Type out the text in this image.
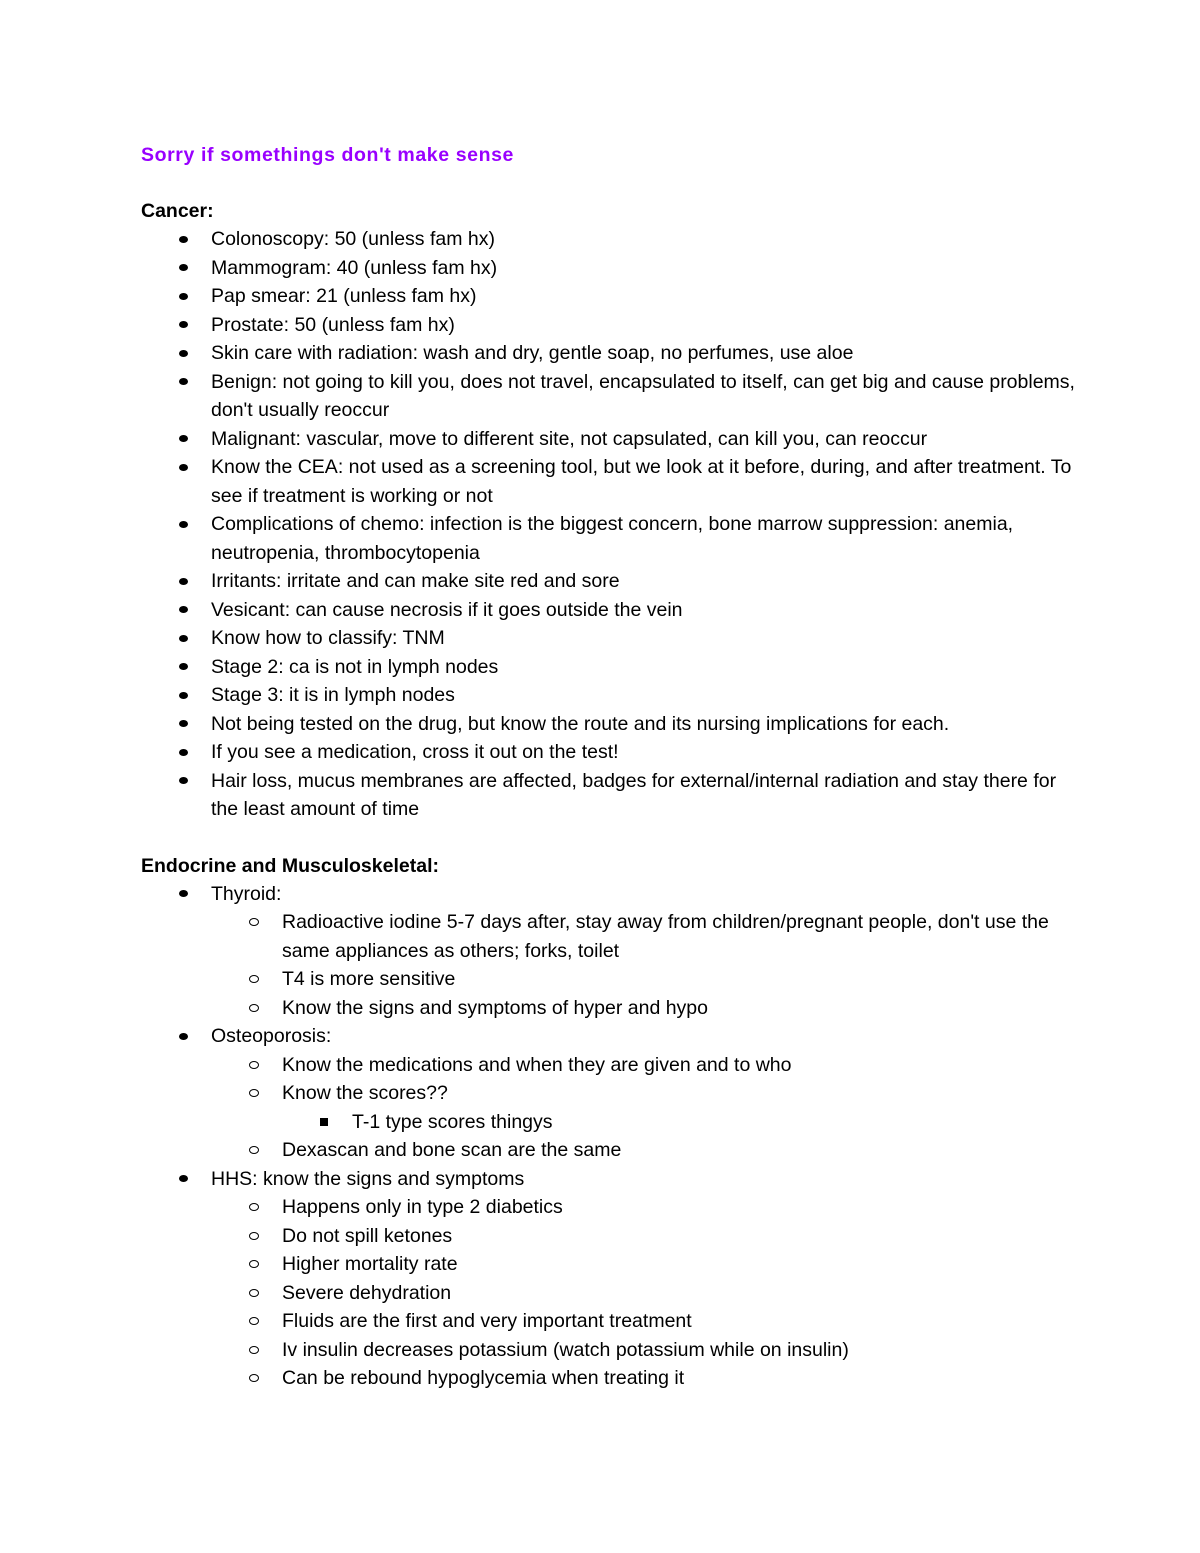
Sorry if somethings don't make sense

Cancer:

Colonoscopy: 50 (unless fam hx)
Mammogram: 40 (unless fam hx)
Pap smear: 21 (unless fam hx)
Prostate: 50 (unless fam hx)
Skin care with radiation: wash and dry, gentle soap, no perfumes, use aloe
Benign: not going to kill you, does not travel, encapsulated to itself, can get big and cause problems, don't usually reoccur
Malignant: vascular, move to different site, not capsulated, can kill you, can reoccur
Know the CEA: not used as a screening tool, but we look at it before, during, and after treatment. To see if treatment is working or not
Complications of chemo: infection is the biggest concern, bone marrow suppression: anemia, neutropenia, thrombocytopenia
Irritants: irritate and can make site red and sore
Vesicant: can cause necrosis if it goes outside the vein
Know how to classify: TNM
Stage 2: ca is not in lymph nodes
Stage 3: it is in lymph nodes
Not being tested on the drug, but know the route and its nursing implications for each.
If you see a medication, cross it out on the test!
Hair loss, mucus membranes are affected, badges for external/internal radiation and stay there for the least amount of time

Endocrine and Musculoskeletal:

Thyroid:
Radioactive iodine 5-7 days after, stay away from children/pregnant people, don't use the same appliances as others; forks, toilet
T4 is more sensitive
Know the signs and symptoms of hyper and hypo
Osteoporosis:
Know the medications and when they are given and to who
Know the scores??
T-1 type scores thingys
Dexascan and bone scan are the same
HHS: know the signs and symptoms
Happens only in type 2 diabetics
Do not spill ketones
Higher mortality rate
Severe dehydration
Fluids are the first and very important treatment
Iv insulin decreases potassium (watch potassium while on insulin)
Can be rebound hypoglycemia when treating it
